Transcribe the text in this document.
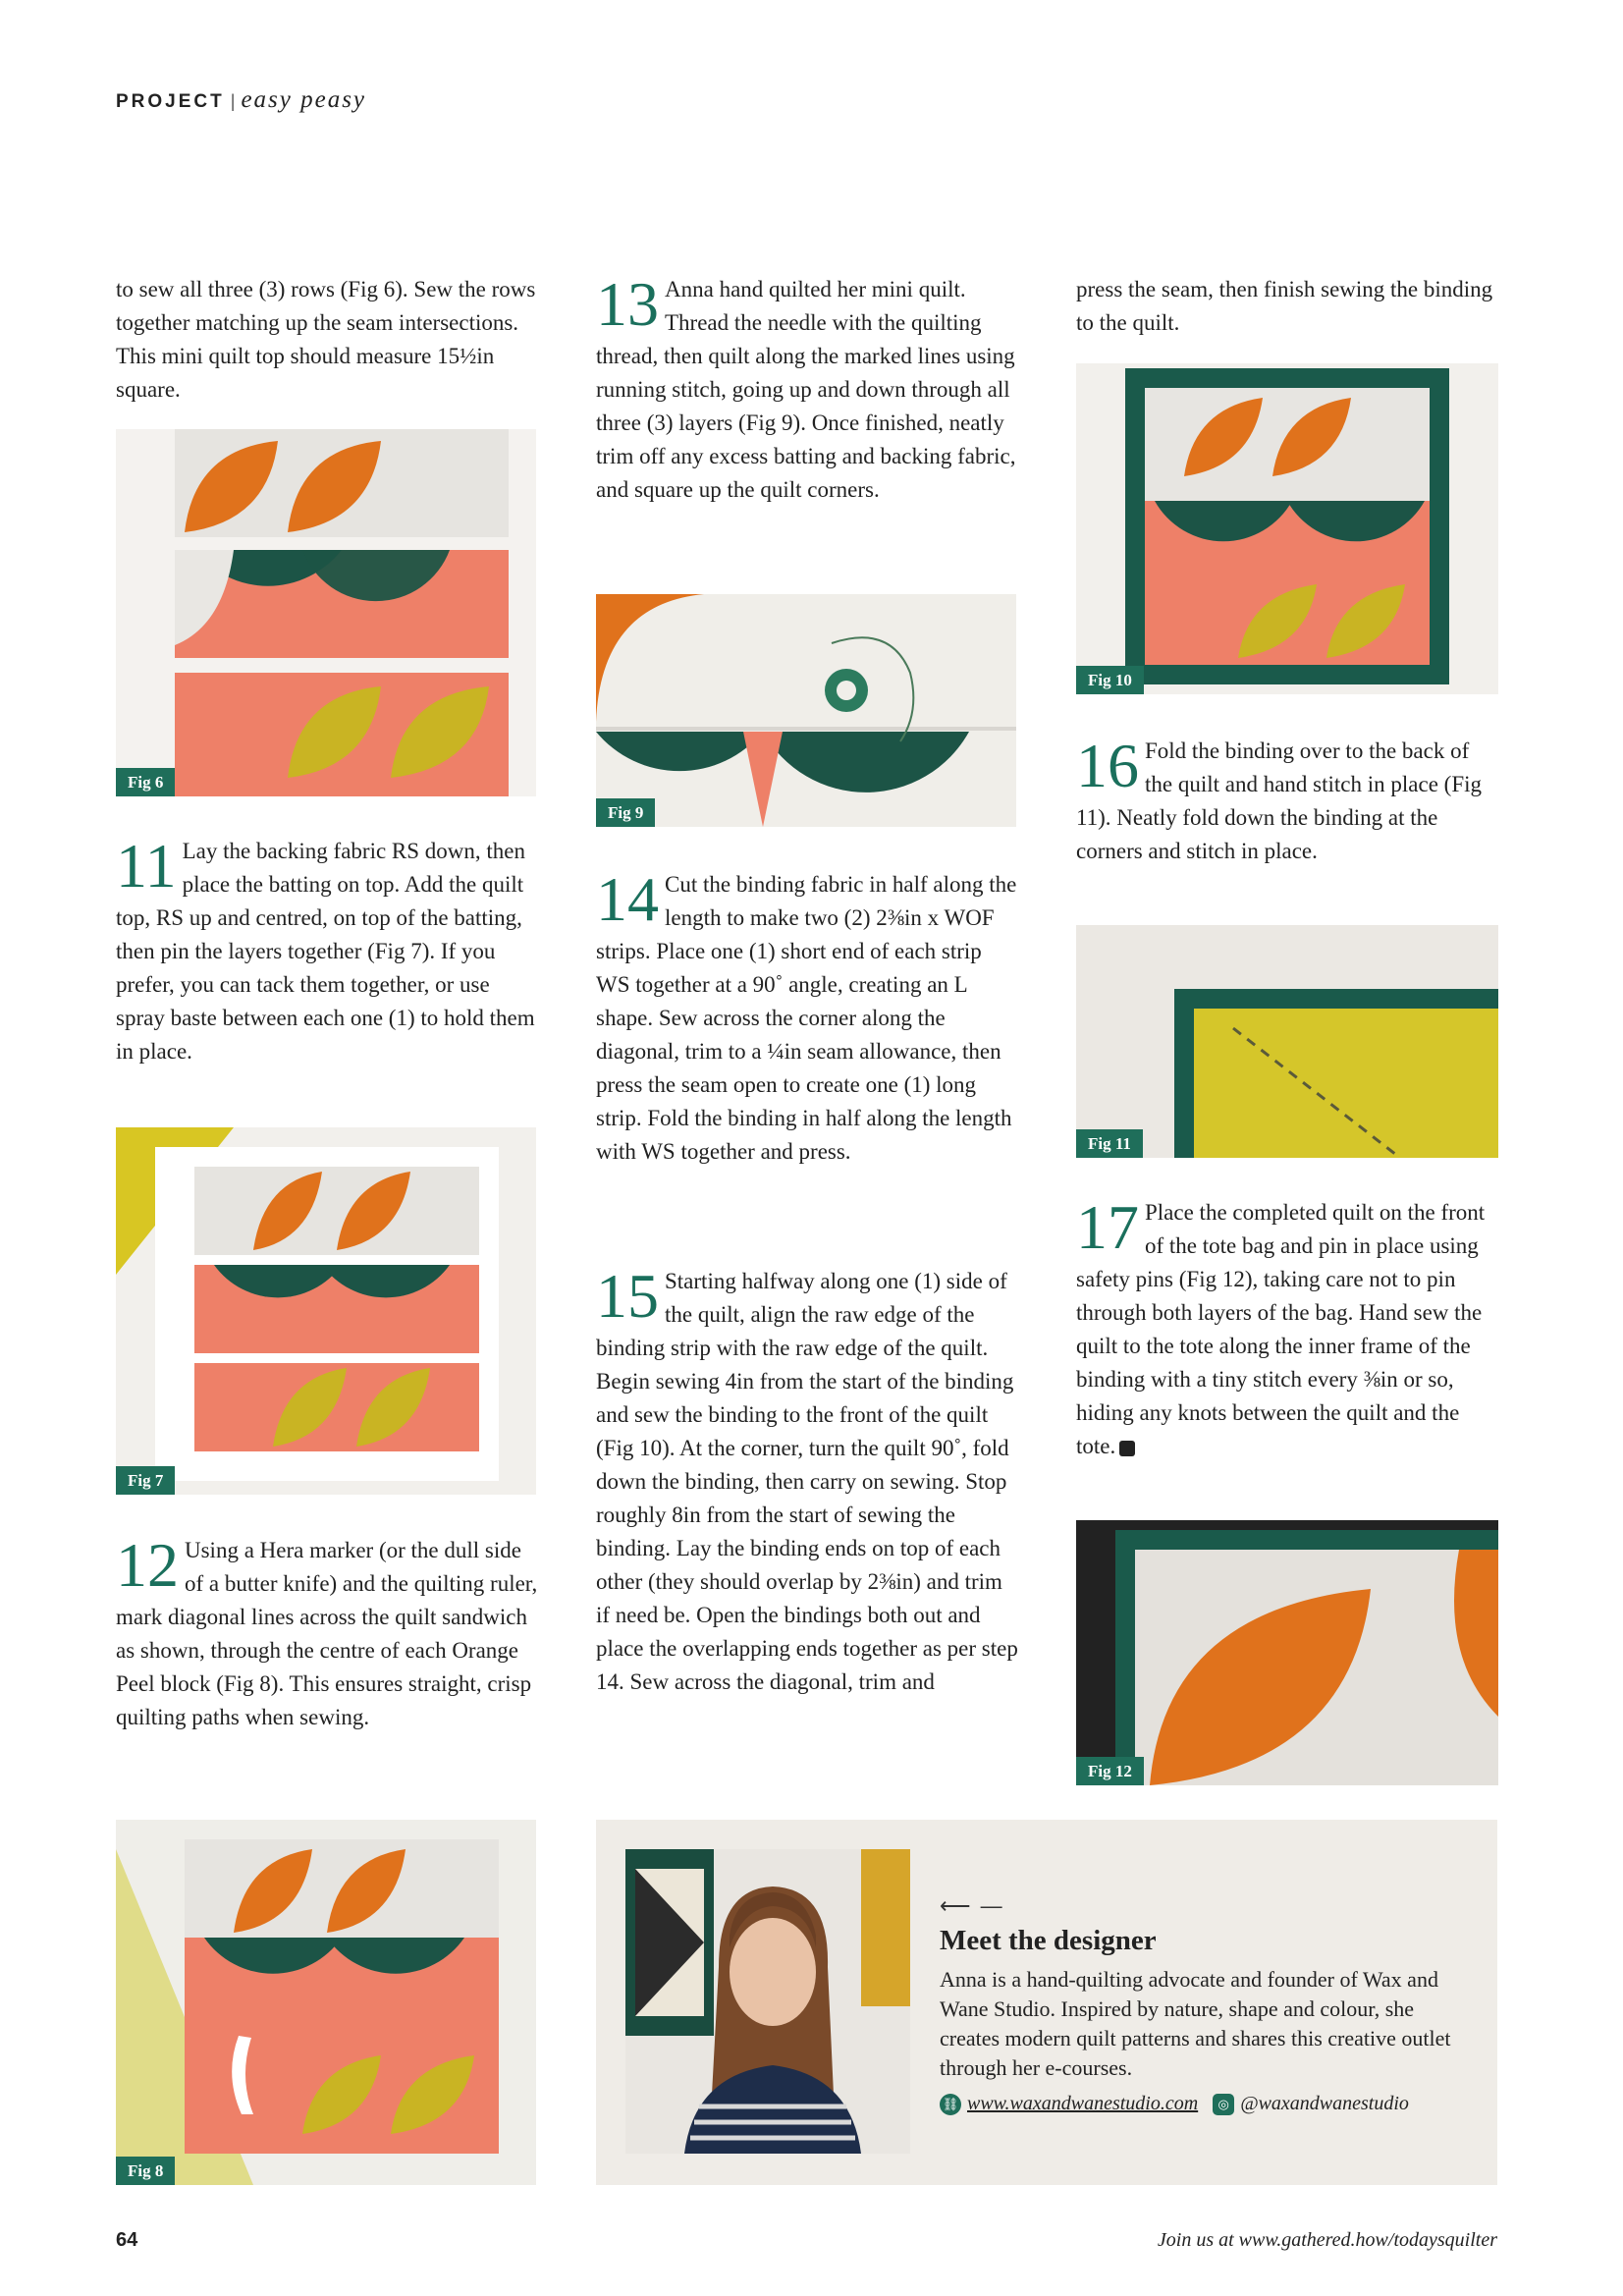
PROJECT | easy peasy

to sew all three (3) rows (Fig 6). Sew the rows together matching up the seam intersections. This mini quilt top should measure 15½in square.

Fig 6
11 Lay the backing fabric RS down, then place the batting on top. Add the quilt top, RS up and centred, on top of the batting, then pin the layers together (Fig 7). If you prefer, you can tack them together, or use spray baste between each one (1) to hold them in place.

Fig 7
12 Using a Hera marker (or the dull side of a butter knife) and the quilting ruler, mark diagonal lines across the quilt sandwich as shown, through the centre of each Orange Peel block (Fig 8). This ensures straight, crisp quilting paths when sewing.

Fig 8
13 Anna hand quilted her mini quilt. Thread the needle with the quilting thread, then quilt along the marked lines using running stitch, going up and down through all three (3) layers (Fig 9). Once finished, neatly trim off any excess batting and backing fabric, and square up the quilt corners.

Fig 9
14 Cut the binding fabric in half along the length to make two (2) 2⅜in x WOF strips. Place one (1) short end of each strip WS together at a 90˚ angle, creating an L shape. Sew across the corner along the diagonal, trim to a ¼in seam allowance, then press the seam open to create one (1) long strip. Fold the binding in half along the length with WS together and press.

15 Starting halfway along one (1) side of the quilt, align the raw edge of the binding strip with the raw edge of the quilt. Begin sewing 4in from the start of the binding and sew the binding to the front of the quilt (Fig 10). At the corner, turn the quilt 90˚, fold down the binding, then carry on sewing. Stop roughly 8in from the start of sewing the binding. Lay the binding ends on top of each other (they should overlap by 2⅜in) and trim if need be. Open the bindings both out and place the overlapping ends together as per step 14. Sew across the diagonal, trim and

press the seam, then finish sewing the binding to the quilt.

Fig 10
16 Fold the binding over to the back of the quilt and hand stitch in place (Fig 11). Neatly fold down the binding at the corners and stitch in place.

Fig 11
17 Place the completed quilt on the front of the tote bag and pin in place using safety pins (Fig 12), taking care not to pin through both layers of the bag. Hand sew the quilt to the tote along the inner frame of the binding with a tiny stitch every ⅜in or so, hiding any knots between the quilt and the tote.

Fig 12
⟵ —
Meet the designer
Anna is a hand-quilting advocate and founder of Wax and Wane Studio. Inspired by nature, shape and colour, she creates modern quilt patterns and shares this creative outlet through her e-courses.
⛓ www.waxandwanestudio.com ◎ @waxandwanestudio
64	Join us at www.gathered.how/todaysquilter
